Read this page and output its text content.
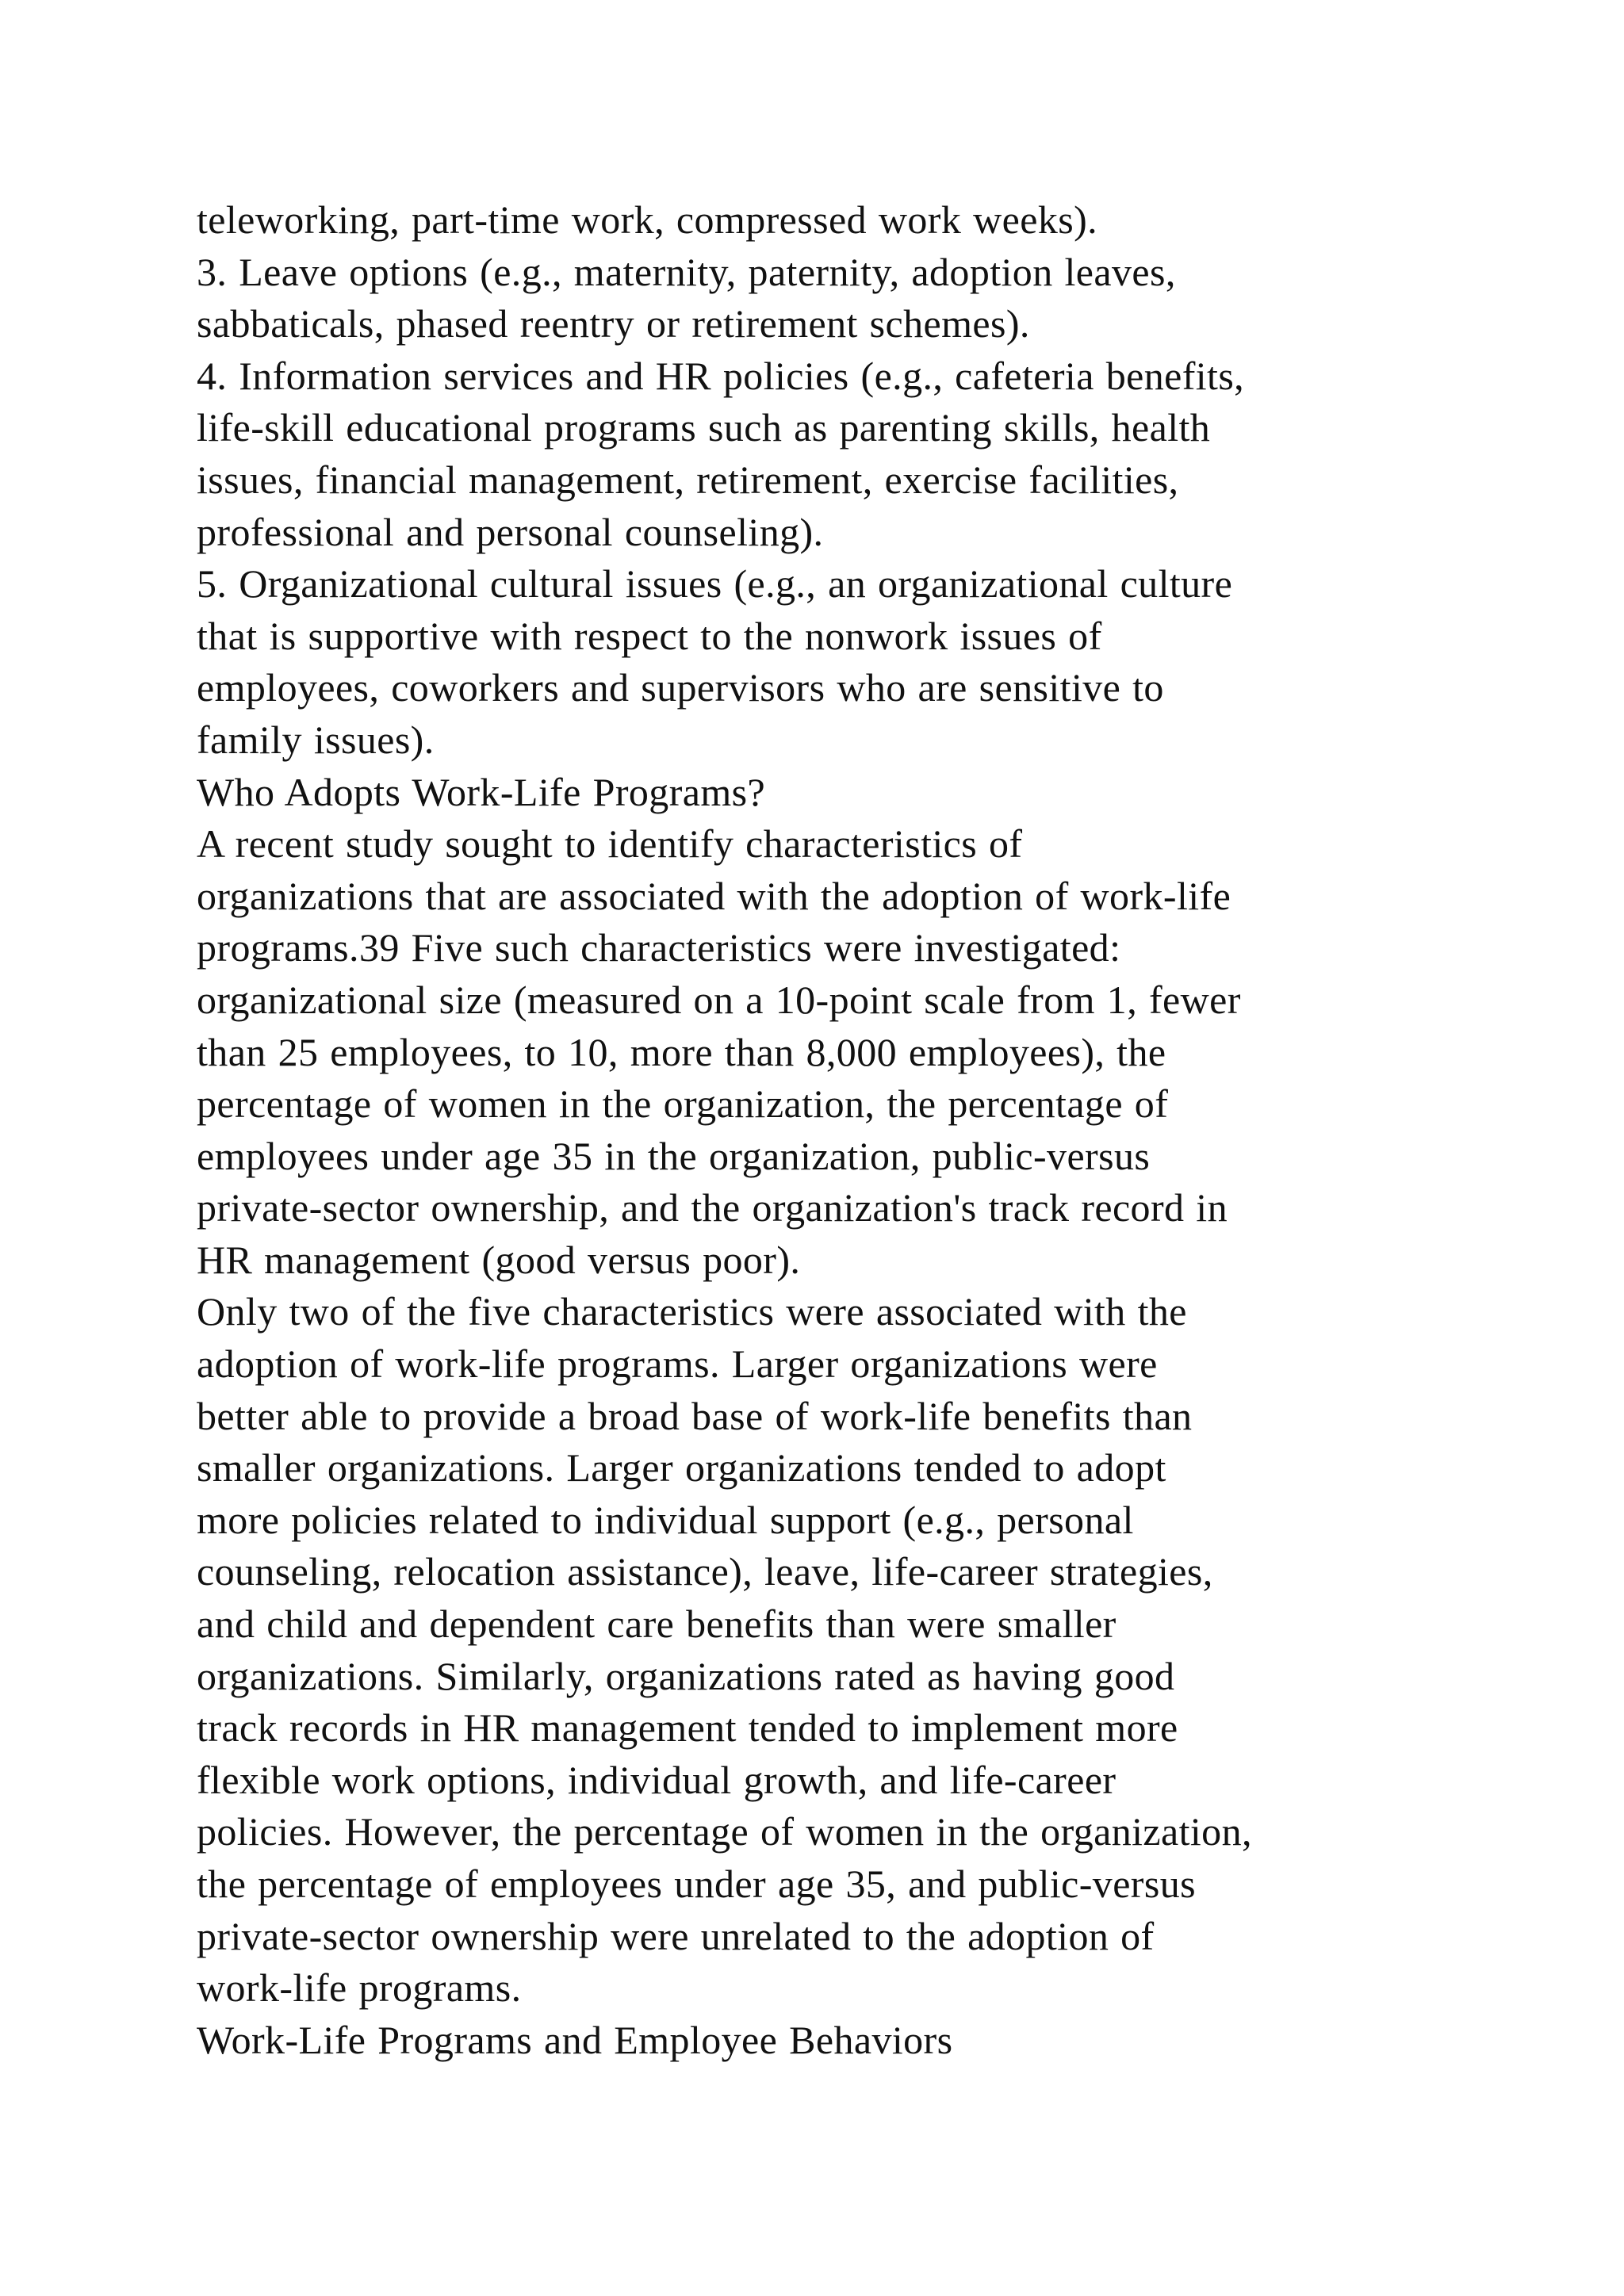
teleworking, part-time work, compressed work weeks).
3. Leave options (e.g., maternity, paternity, adoption leaves,
sabbaticals, phased reentry or retirement schemes).
4. Information services and HR policies (e.g., cafeteria benefits,
life-skill educational programs such as parenting skills, health
issues, financial management, retirement, exercise facilities,
professional and personal counseling).
5. Organizational cultural issues (e.g., an organizational culture
that is supportive with respect to the nonwork issues of
employees, coworkers and supervisors who are sensitive to
family issues).
Who Adopts Work-Life Programs?
A recent study sought to identify characteristics of
organizations that are associated with the adoption of work-life
programs.39 Five such characteristics were investigated:
organizational size (measured on a 10-point scale from 1, fewer
than 25 employees, to 10, more than 8,000 employees), the
percentage of women in the organization, the percentage of
employees under age 35 in the organization, public-versus
private-sector ownership, and the organization's track record in
HR management (good versus poor).
Only two of the five characteristics were associated with the
adoption of work-life programs. Larger organizations were
better able to provide a broad base of work-life benefits than
smaller organizations. Larger organizations tended to adopt
more policies related to individual support (e.g., personal
counseling, relocation assistance), leave, life-career strategies,
and child and dependent care benefits than were smaller
organizations. Similarly, organizations rated as having good
track records in HR management tended to implement more
flexible work options, individual growth, and life-career
policies. However, the percentage of women in the organization,
the percentage of employees under age 35, and public-versus
private-sector ownership were unrelated to the adoption of
work-life programs.
Work-Life Programs and Employee Behaviors
